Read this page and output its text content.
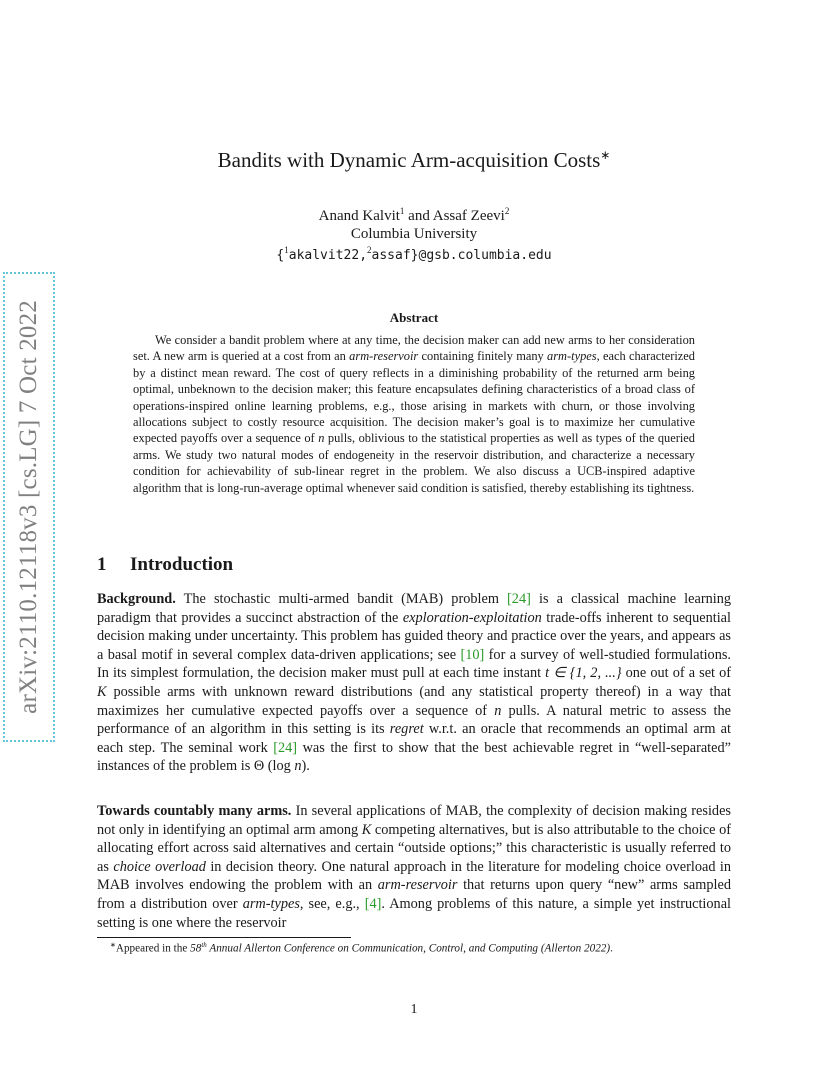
arXiv:2110.12118v3 [cs.LG] 7 Oct 2022
Bandits with Dynamic Arm-acquisition Costs∗
Anand Kalvit$^1$ and Assaf Zeevi$^2$
Columbia University
{$^1$akalvit22,$^2$assaf}@gsb.columbia.edu
Abstract

We consider a bandit problem where at any time, the decision maker can add new arms to her consideration set. A new arm is queried at a cost from an arm-reservoir containing finitely many arm-types, each characterized by a distinct mean reward. The cost of query reflects in a diminishing probability of the returned arm being optimal, unbeknown to the decision maker; this feature encapsulates defining characteristics of a broad class of operations-inspired online learning problems, e.g., those arising in markets with churn, or those involving allocations subject to costly resource acquisition. The decision maker’s goal is to maximize her cumulative expected payoffs over a sequence of n pulls, oblivious to the statistical properties as well as types of the queried arms. We study two natural modes of endogeneity in the reservoir distribution, and characterize a necessary condition for achievability of sub-linear regret in the problem. We also discuss a UCB-inspired adaptive algorithm that is long-run-average optimal whenever said condition is satisfied, thereby establishing its tightness.

1 Introduction

Background. The stochastic multi-armed bandit (MAB) problem [24] is a classical machine learning paradigm that provides a succinct abstraction of the exploration-exploitation trade-offs inherent to sequential decision making under uncertainty. This problem has guided theory and practice over the years, and appears as a basal motif in several complex data-driven applications; see [10] for a survey of well-studied formulations. In its simplest formulation, the decision maker must pull at each time instant t ∈ {1, 2, ...} one out of a set of K possible arms with unknown reward distributions (and any statistical property thereof) in a way that maximizes her cumulative expected payoffs over a sequence of n pulls. A natural metric to assess the performance of an algorithm in this setting is its regret w.r.t. an oracle that recommends an optimal arm at each step. The seminal work [24] was the first to show that the best achievable regret in “well-separated” instances of the problem is Θ (log n).

Towards countably many arms. In several applications of MAB, the complexity of decision making resides not only in identifying an optimal arm among K competing alternatives, but is also attributable to the choice of allocating effort across said alternatives and certain “outside options;” this characteristic is usually referred to as choice overload in decision theory. One natural approach in the literature for modeling choice overload in MAB involves endowing the problem with an arm-reservoir that returns upon query “new” arms sampled from a distribution over arm-types, see, e.g., [4]. Among problems of this nature, a simple yet instructional setting is one where the reservoir

∗Appeared in the 58th Annual Allerton Conference on Communication, Control, and Computing (Allerton 2022).
1
